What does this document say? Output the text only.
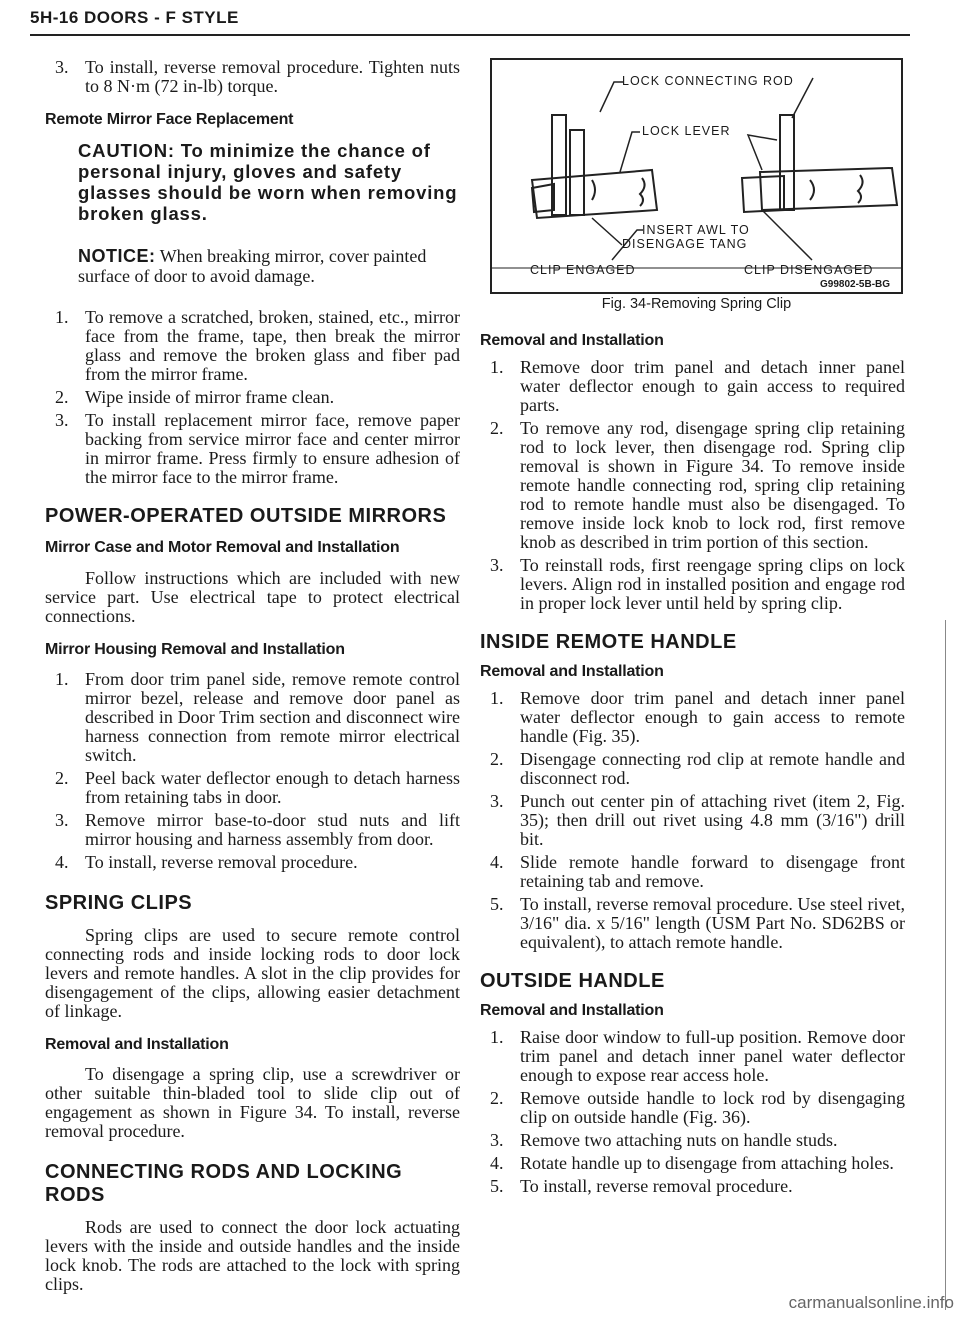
5H-16 DOORS - F STYLE
3. To install, reverse removal procedure. Tighten nuts to 8 N·m (72 in-lb) torque.
Remote Mirror Face Replacement

CAUTION: To minimize the chance of personal injury, gloves and safety glasses should be worn when removing broken glass.

NOTICE: When breaking mirror, cover painted surface of door to avoid damage.

1. To remove a scratched, broken, stained, etc., mirror face from the frame, tape, then break the mirror glass and remove the broken glass and fiber pad from the mirror frame.
2. Wipe inside of mirror frame clean.
3. To install replacement mirror face, remove paper backing from service mirror face and center mirror in mirror frame. Press firmly to ensure adhesion of the mirror face to the mirror frame.
POWER-OPERATED OUTSIDE MIRRORS
Mirror Case and Motor Removal and Installation

Follow instructions which are included with new service part. Use electrical tape to protect electrical connections.

Mirror Housing Removal and Installation
1. From door trim panel side, remove remote control mirror bezel, release and remove door panel as described in Door Trim section and disconnect wire harness connection from remote mirror electrical switch.
2. Peel back water deflector enough to detach harness from retaining tabs in door.
3. Remove mirror base-to-door stud nuts and lift mirror housing and harness assembly from door.
4. To install, reverse removal procedure.
SPRING CLIPS

Spring clips are used to secure remote control connecting rods and inside locking rods to door lock levers and remote handles. A slot in the clip provides for disengagement of the clips, allowing easier detachment of linkage.

Removal and Installation

To disengage a spring clip, use a screwdriver or other suitable thin-bladed tool to slide clip out of engagement as shown in Figure 34. To install, reverse removal procedure.

CONNECTING RODS AND LOCKING RODS

Rods are used to connect the door lock actuating levers with the inside and outside handles and the inside lock knob. The rods are attached to the lock with spring clips.

LOCK CONNECTING ROD
LOCK LEVER
INSERT AWL TO
DISENGAGE TANG
CLIP ENGAGED	CLIP DISENGAGED
G99802-5B-BG
Fig. 34-Removing Spring Clip
Removal and Installation
1. Remove door trim panel and detach inner panel water deflector enough to gain access to required parts.
2. To remove any rod, disengage spring clip retaining rod to lock lever, then disengage rod. Spring clip removal is shown in Figure 34. To remove inside remote handle connecting rod, spring clip retaining rod to remote handle must also be disengaged. To remove inside lock knob to lock rod, first remove knob as described in trim portion of this section.
3. To reinstall rods, first reengage spring clips on lock levers. Align rod in installed position and engage rod in proper lock lever until held by spring clip.
INSIDE REMOTE HANDLE
Removal and Installation
1. Remove door trim panel and detach inner panel water deflector enough to gain access to remote handle (Fig. 35).
2. Disengage connecting rod clip at remote handle and disconnect rod.
3. Punch out center pin of attaching rivet (item 2, Fig. 35); then drill out rivet using 4.8 mm (3/16") drill bit.
4. Slide remote handle forward to disengage front retaining tab and remove.
5. To install, reverse removal procedure. Use steel rivet, 3/16" dia. x 5/16" length (USM Part No. SD62BS or equivalent), to attach remote handle.
OUTSIDE HANDLE
Removal and Installation
1. Raise door window to full-up position. Remove door trim panel and detach inner panel water deflector enough to expose rear access hole.
2. Remove outside handle to lock rod by disengaging clip on outside handle (Fig. 36).
3. Remove two attaching nuts on handle studs.
4. Rotate handle up to disengage from attaching holes.
5. To install, reverse removal procedure.
carmanualsonline.info
